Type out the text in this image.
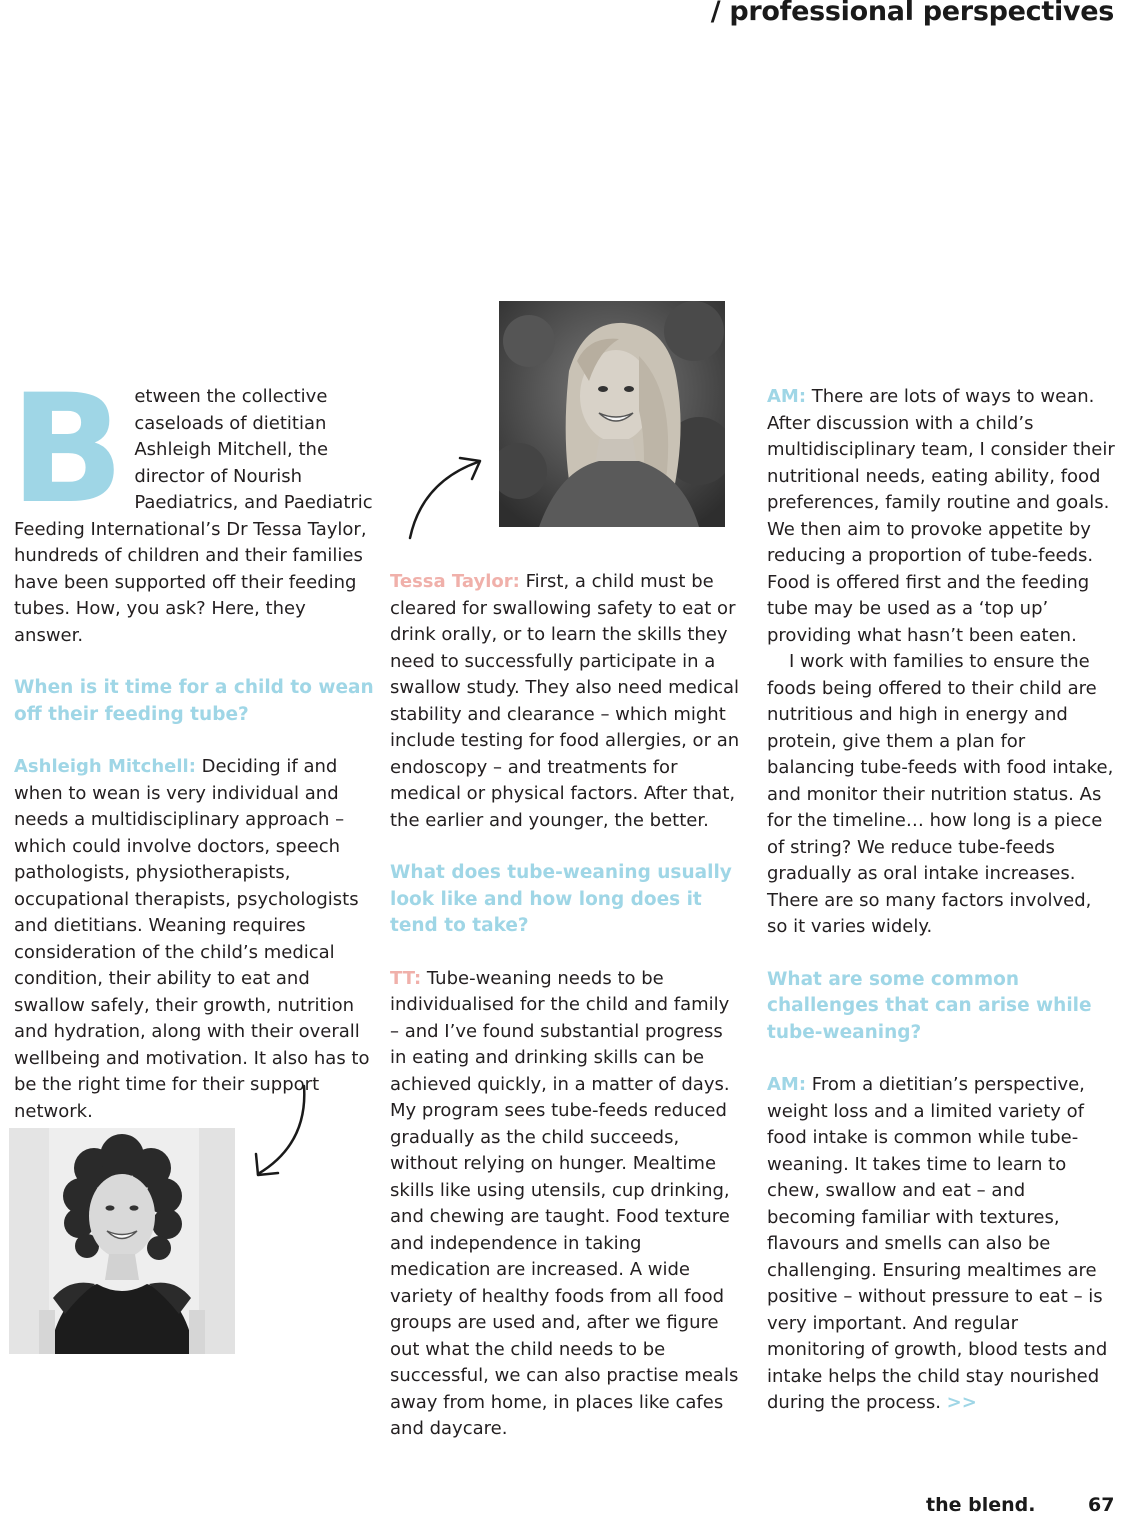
/ professional perspectives
B etween the collective caseloads of dietitian Ashleigh Mitchell, the director of Nourish Paediatrics, and Paediatric Feeding International’s Dr Tessa Taylor, hundreds of children and their families have been supported off their feeding tubes. How, you ask? Here, they answer.

When is it time for a child to wean off their feeding tube?

Ashleigh Mitchell: Deciding if and when to wean is very individual and needs a multidisciplinary approach – which could involve doctors, speech pathologists, physiotherapists, occupational therapists, psychologists and dietitians. Weaning requires consideration of the child’s medical condition, their ability to eat and swallow safely, their growth, nutrition and hydration, along with their overall wellbeing and motivation. It also has to be the right time for their support network.

Tessa Taylor: First, a child must be cleared for swallowing safety to eat or drink orally, or to learn the skills they need to successfully participate in a swallow study. They also need medical stability and clearance – which might include testing for food allergies, or an endoscopy – and treatments for medical or physical factors. After that, the earlier and younger, the better.

What does tube-weaning usually look like and how long does it tend to take?

TT: Tube-weaning needs to be individualised for the child and family – and I’ve found substantial progress in eating and drinking skills can be achieved quickly, in a matter of days. My program sees tube-feeds reduced gradually as the child succeeds, without relying on hunger. Mealtime skills like using utensils, cup drinking, and chewing are taught. Food texture and independence in taking medication are increased. A wide variety of healthy foods from all food groups are used and, after we figure out what the child needs to be successful, we can also practise meals away from home, in places like cafes and daycare.

AM: There are lots of ways to wean. After discussion with a child’s multidisciplinary team, I consider their nutritional needs, eating ability, food preferences, family routine and goals. We then aim to provoke appetite by reducing a proportion of tube-feeds. Food is offered first and the feeding tube may be used as a ‘top up’ providing what hasn’t been eaten.

I work with families to ensure the foods being offered to their child are nutritious and high in energy and protein, give them a plan for balancing tube-feeds with food intake, and monitor their nutrition status. As for the timeline… how long is a piece of string? We reduce tube-feeds gradually as oral intake increases. There are so many factors involved, so it varies widely.

What are some common challenges that can arise while tube-weaning?

AM: From a dietitian’s perspective, weight loss and a limited variety of food intake is common while tube-weaning. It takes time to learn to chew, swallow and eat – and becoming familiar with textures, flavours and smells can also be challenging. Ensuring mealtimes are positive – without pressure to eat – is very important. And regular monitoring of growth, blood tests and intake helps the child stay nourished during the process. >>

the blend.	67
